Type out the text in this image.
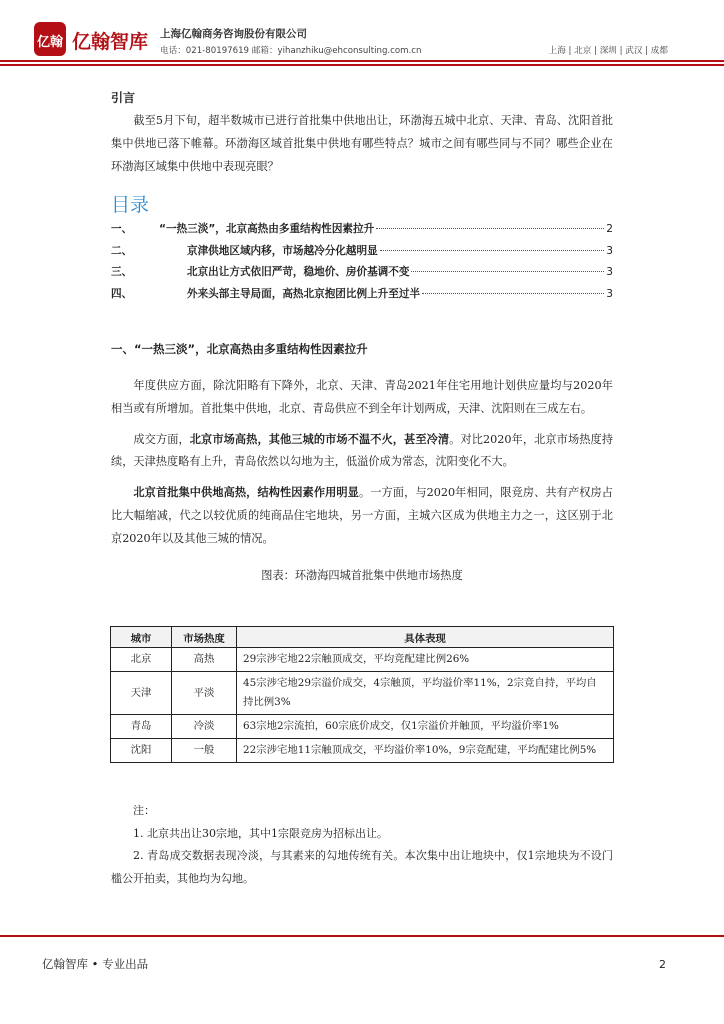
亿翰 亿翰智库 上海亿翰商务咨询股份有限公司
电话：021-80197619 邮箱：yihanzhiku@ehconsulting.com.cn	上海 | 北京 | 深圳 | 武汉 | 成都
引言

截至5月下旬，超半数城市已进行首批集中供地出让，环渤海五城中北京、天津、青岛、沈阳首批集中供地已落下帷幕。环渤海区域首批集中供地有哪些特点？城市之间有哪些同与不同？哪些企业在环渤海区域集中供地中表现亮眼？

目录
一、	“一热三淡”，北京高热由多重结构性因素拉升	2
二、	京津供地区域内移，市场越冷分化越明显	3
三、	北京出让方式依旧严苛，稳地价、房价基调不变	3
四、	外来头部主导局面，高热北京抱团比例上升至过半	3
一、“一热三淡”，北京高热由多重结构性因素拉升

年度供应方面，除沈阳略有下降外，北京、天津、青岛2021年住宅用地计划供应量均与2020年相当或有所增加。首批集中供地，北京、青岛供应不到全年计划两成，天津、沈阳则在三成左右。

成交方面，北京市场高热，其他三城的市场不温不火，甚至冷清。对比2020年，北京市场热度持续，天津热度略有上升，青岛依然以勾地为主，低溢价成为常态，沈阳变化不大。

北京首批集中供地高热，结构性因素作用明显。一方面，与2020年相同，限竞房、共有产权房占比大幅缩减，代之以较优质的纯商品住宅地块，另一方面，主城六区成为供地主力之一，这区别于北京2020年以及其他三城的情况。

图表：环渤海四城首批集中供地市场热度
城市	市场热度	具体表现
北京	高热	29宗涉宅地22宗触顶成交，平均竞配建比例26%
天津	平淡	45宗涉宅地29宗溢价成交，4宗触顶，平均溢价率11%，2宗竞自持，平均自持比例3%
青岛	冷淡	63宗地2宗流拍，60宗底价成交，仅1宗溢价并触顶，平均溢价率1%
沈阳	一般	22宗涉宅地11宗触顶成交，平均溢价率10%，9宗竞配建，平均配建比例5%

注：

1. 北京共出让30宗地，其中1宗限竞房为招标出让。

2. 青岛成交数据表现冷淡，与其素来的勾地传统有关。本次集中出让地块中，仅1宗地块为不设门槛公开拍卖，其他均为勾地。

亿翰智库 • 专业出品	2
